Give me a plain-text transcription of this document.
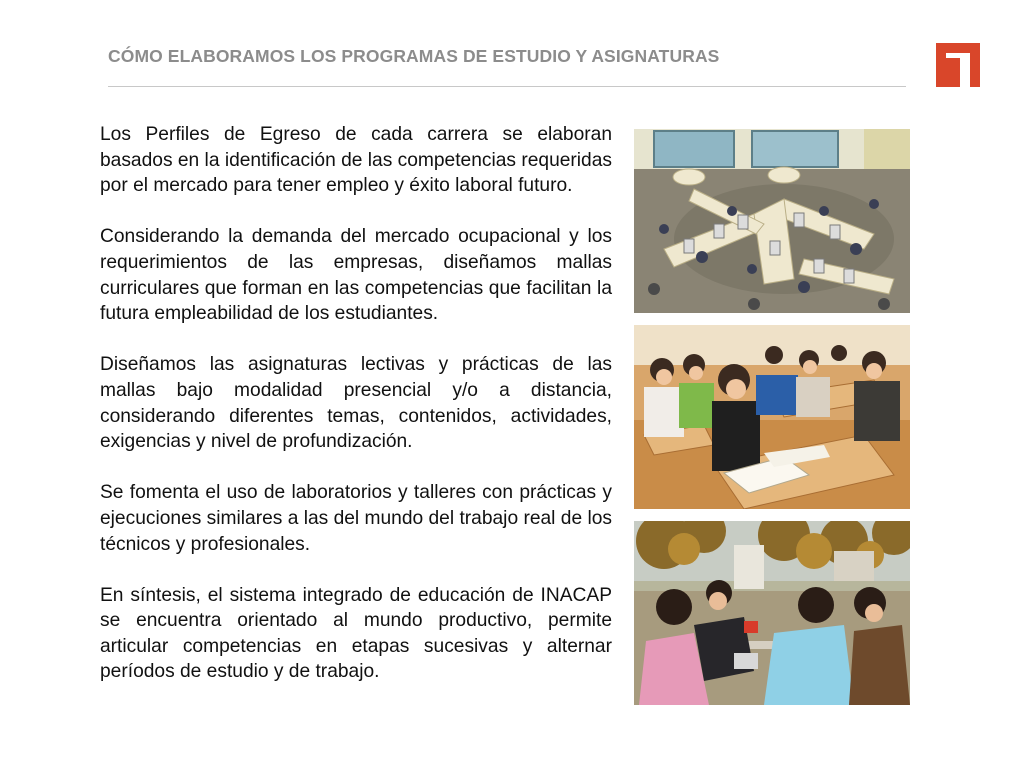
CÓMO ELABORAMOS LOS PROGRAMAS DE ESTUDIO Y ASIGNATURAS

Los Perfiles de Egreso de cada carrera se elaboran basados en la identificación de las competencias requeridas por el mercado para tener empleo y éxito laboral futuro.

Considerando la demanda del mercado ocupacional y los requerimientos de las empresas, diseñamos mallas curriculares que forman en las competencias que facilitan la futura empleabilidad de los estudiantes.

Diseñamos las asignaturas lectivas y prácticas de las mallas bajo modalidad presencial y/o a distancia, considerando diferentes temas, contenidos, actividades, exigencias y nivel de profundización.

Se fomenta el uso de laboratorios y talleres con prácticas y ejecuciones similares a las del mundo del trabajo real de los técnicos y profesionales.

En síntesis, el sistema integrado de educación de INACAP se encuentra orientado al mundo productivo, permite articular competencias en etapas sucesivas y alternar períodos de estudio y de trabajo.
